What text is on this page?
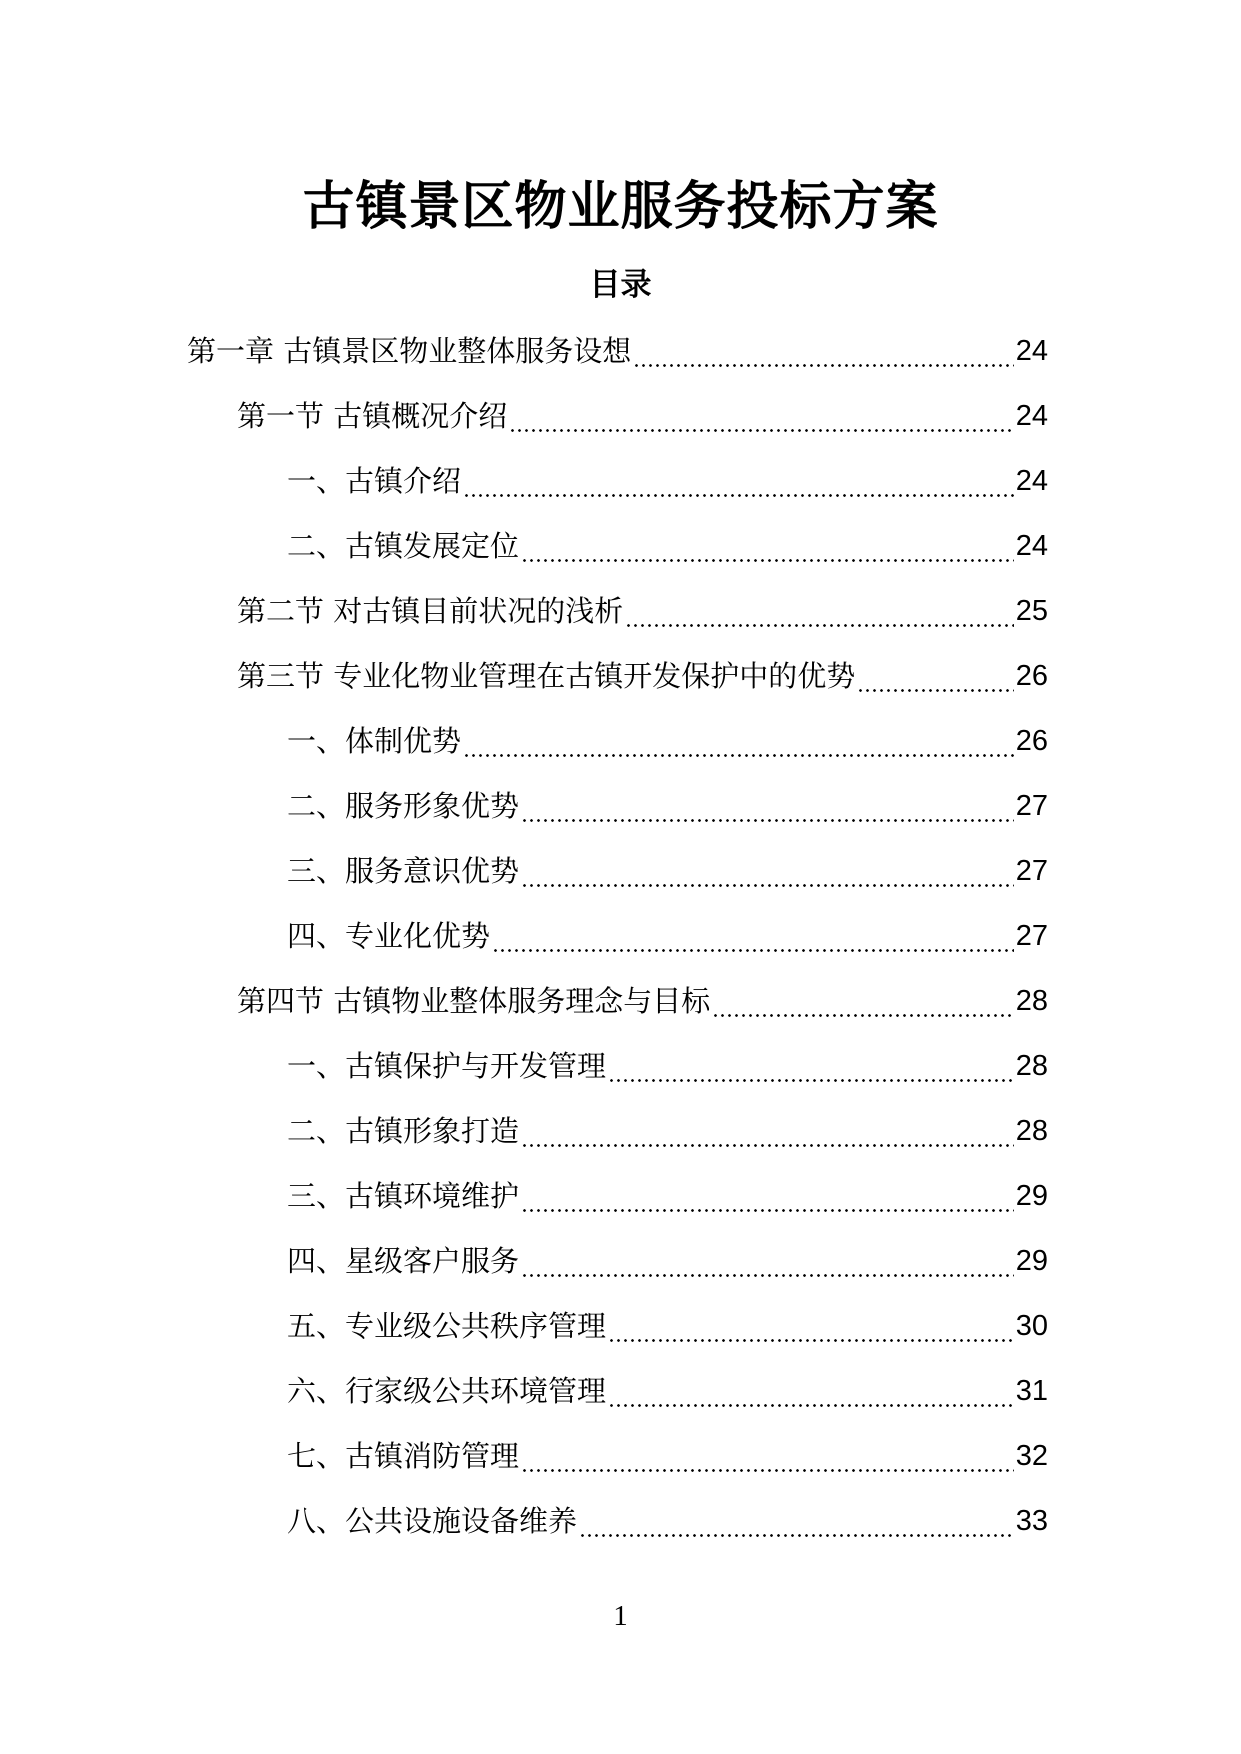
古镇景区物业服务投标方案
目录
第一章 古镇景区物业整体服务设想	24
第一节 古镇概况介绍	24
一、古镇介绍	24
二、古镇发展定位	24
第二节 对古镇目前状况的浅析	25
第三节 专业化物业管理在古镇开发保护中的优势	26
一、体制优势	26
二、服务形象优势	27
三、服务意识优势	27
四、专业化优势	27
第四节 古镇物业整体服务理念与目标	28
一、古镇保护与开发管理	28
二、古镇形象打造	28
三、古镇环境维护	29
四、星级客户服务	29
五、专业级公共秩序管理	30
六、行家级公共环境管理	31
七、古镇消防管理	32
八、公共设施设备维养	33
1
